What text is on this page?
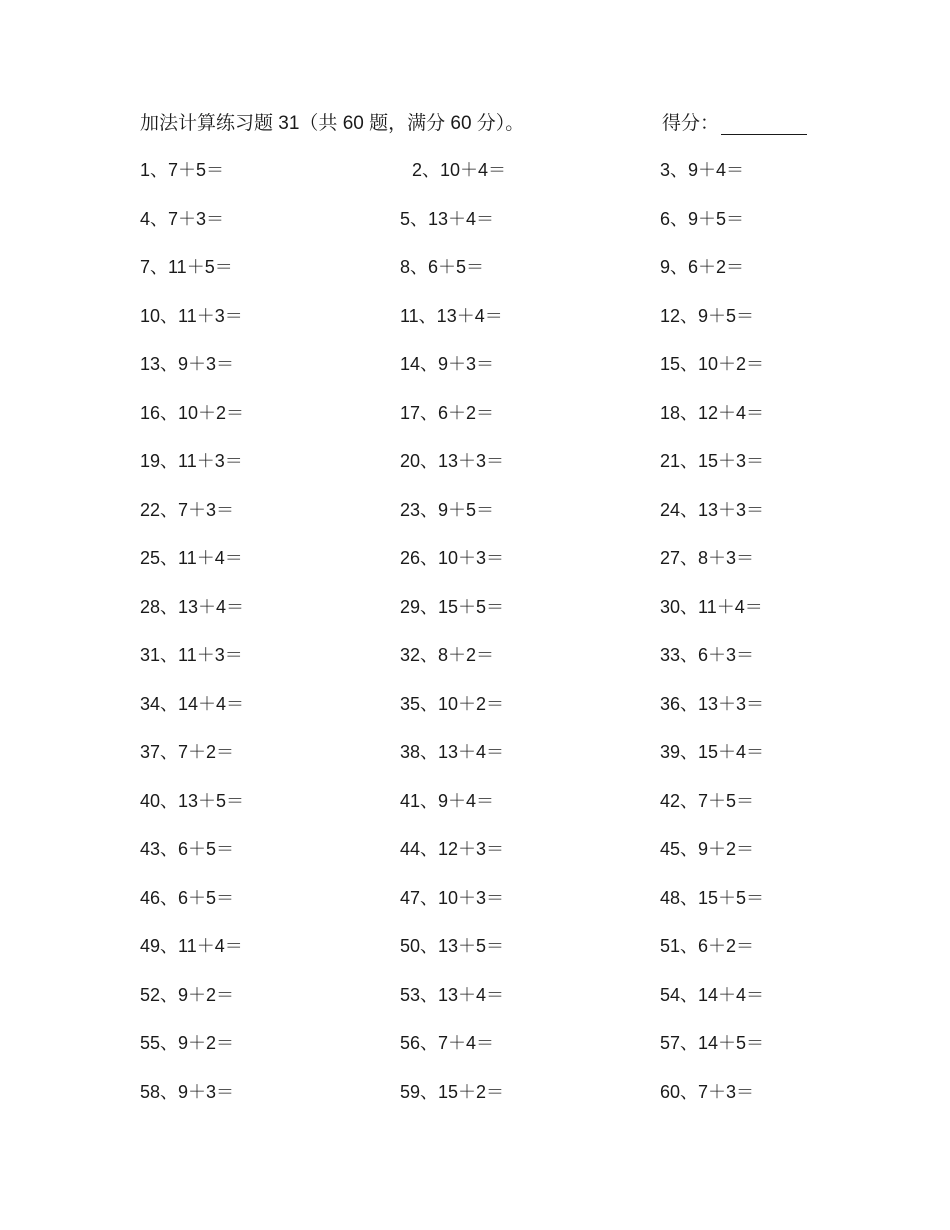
加法计算练习题 31（共 60 题，满分 60 分）。	得分：
1、7＋5＝	2、10＋4＝	3、9＋4＝
4、7＋3＝	5、13＋4＝	6、9＋5＝
7、11＋5＝	8、6＋5＝	9、6＋2＝
10、11＋3＝	11、13＋4＝	12、9＋5＝
13、9＋3＝	14、9＋3＝	15、10＋2＝
16、10＋2＝	17、6＋2＝	18、12＋4＝
19、11＋3＝	20、13＋3＝	21、15＋3＝
22、7＋3＝	23、9＋5＝	24、13＋3＝
25、11＋4＝	26、10＋3＝	27、8＋3＝
28、13＋4＝	29、15＋5＝	30、11＋4＝
31、11＋3＝	32、8＋2＝	33、6＋3＝
34、14＋4＝	35、10＋2＝	36、13＋3＝
37、7＋2＝	38、13＋4＝	39、15＋4＝
40、13＋5＝	41、9＋4＝	42、7＋5＝
43、6＋5＝	44、12＋3＝	45、9＋2＝
46、6＋5＝	47、10＋3＝	48、15＋5＝
49、11＋4＝	50、13＋5＝	51、6＋2＝
52、9＋2＝	53、13＋4＝	54、14＋4＝
55、9＋2＝	56、7＋4＝	57、14＋5＝
58、9＋3＝	59、15＋2＝	60、7＋3＝
